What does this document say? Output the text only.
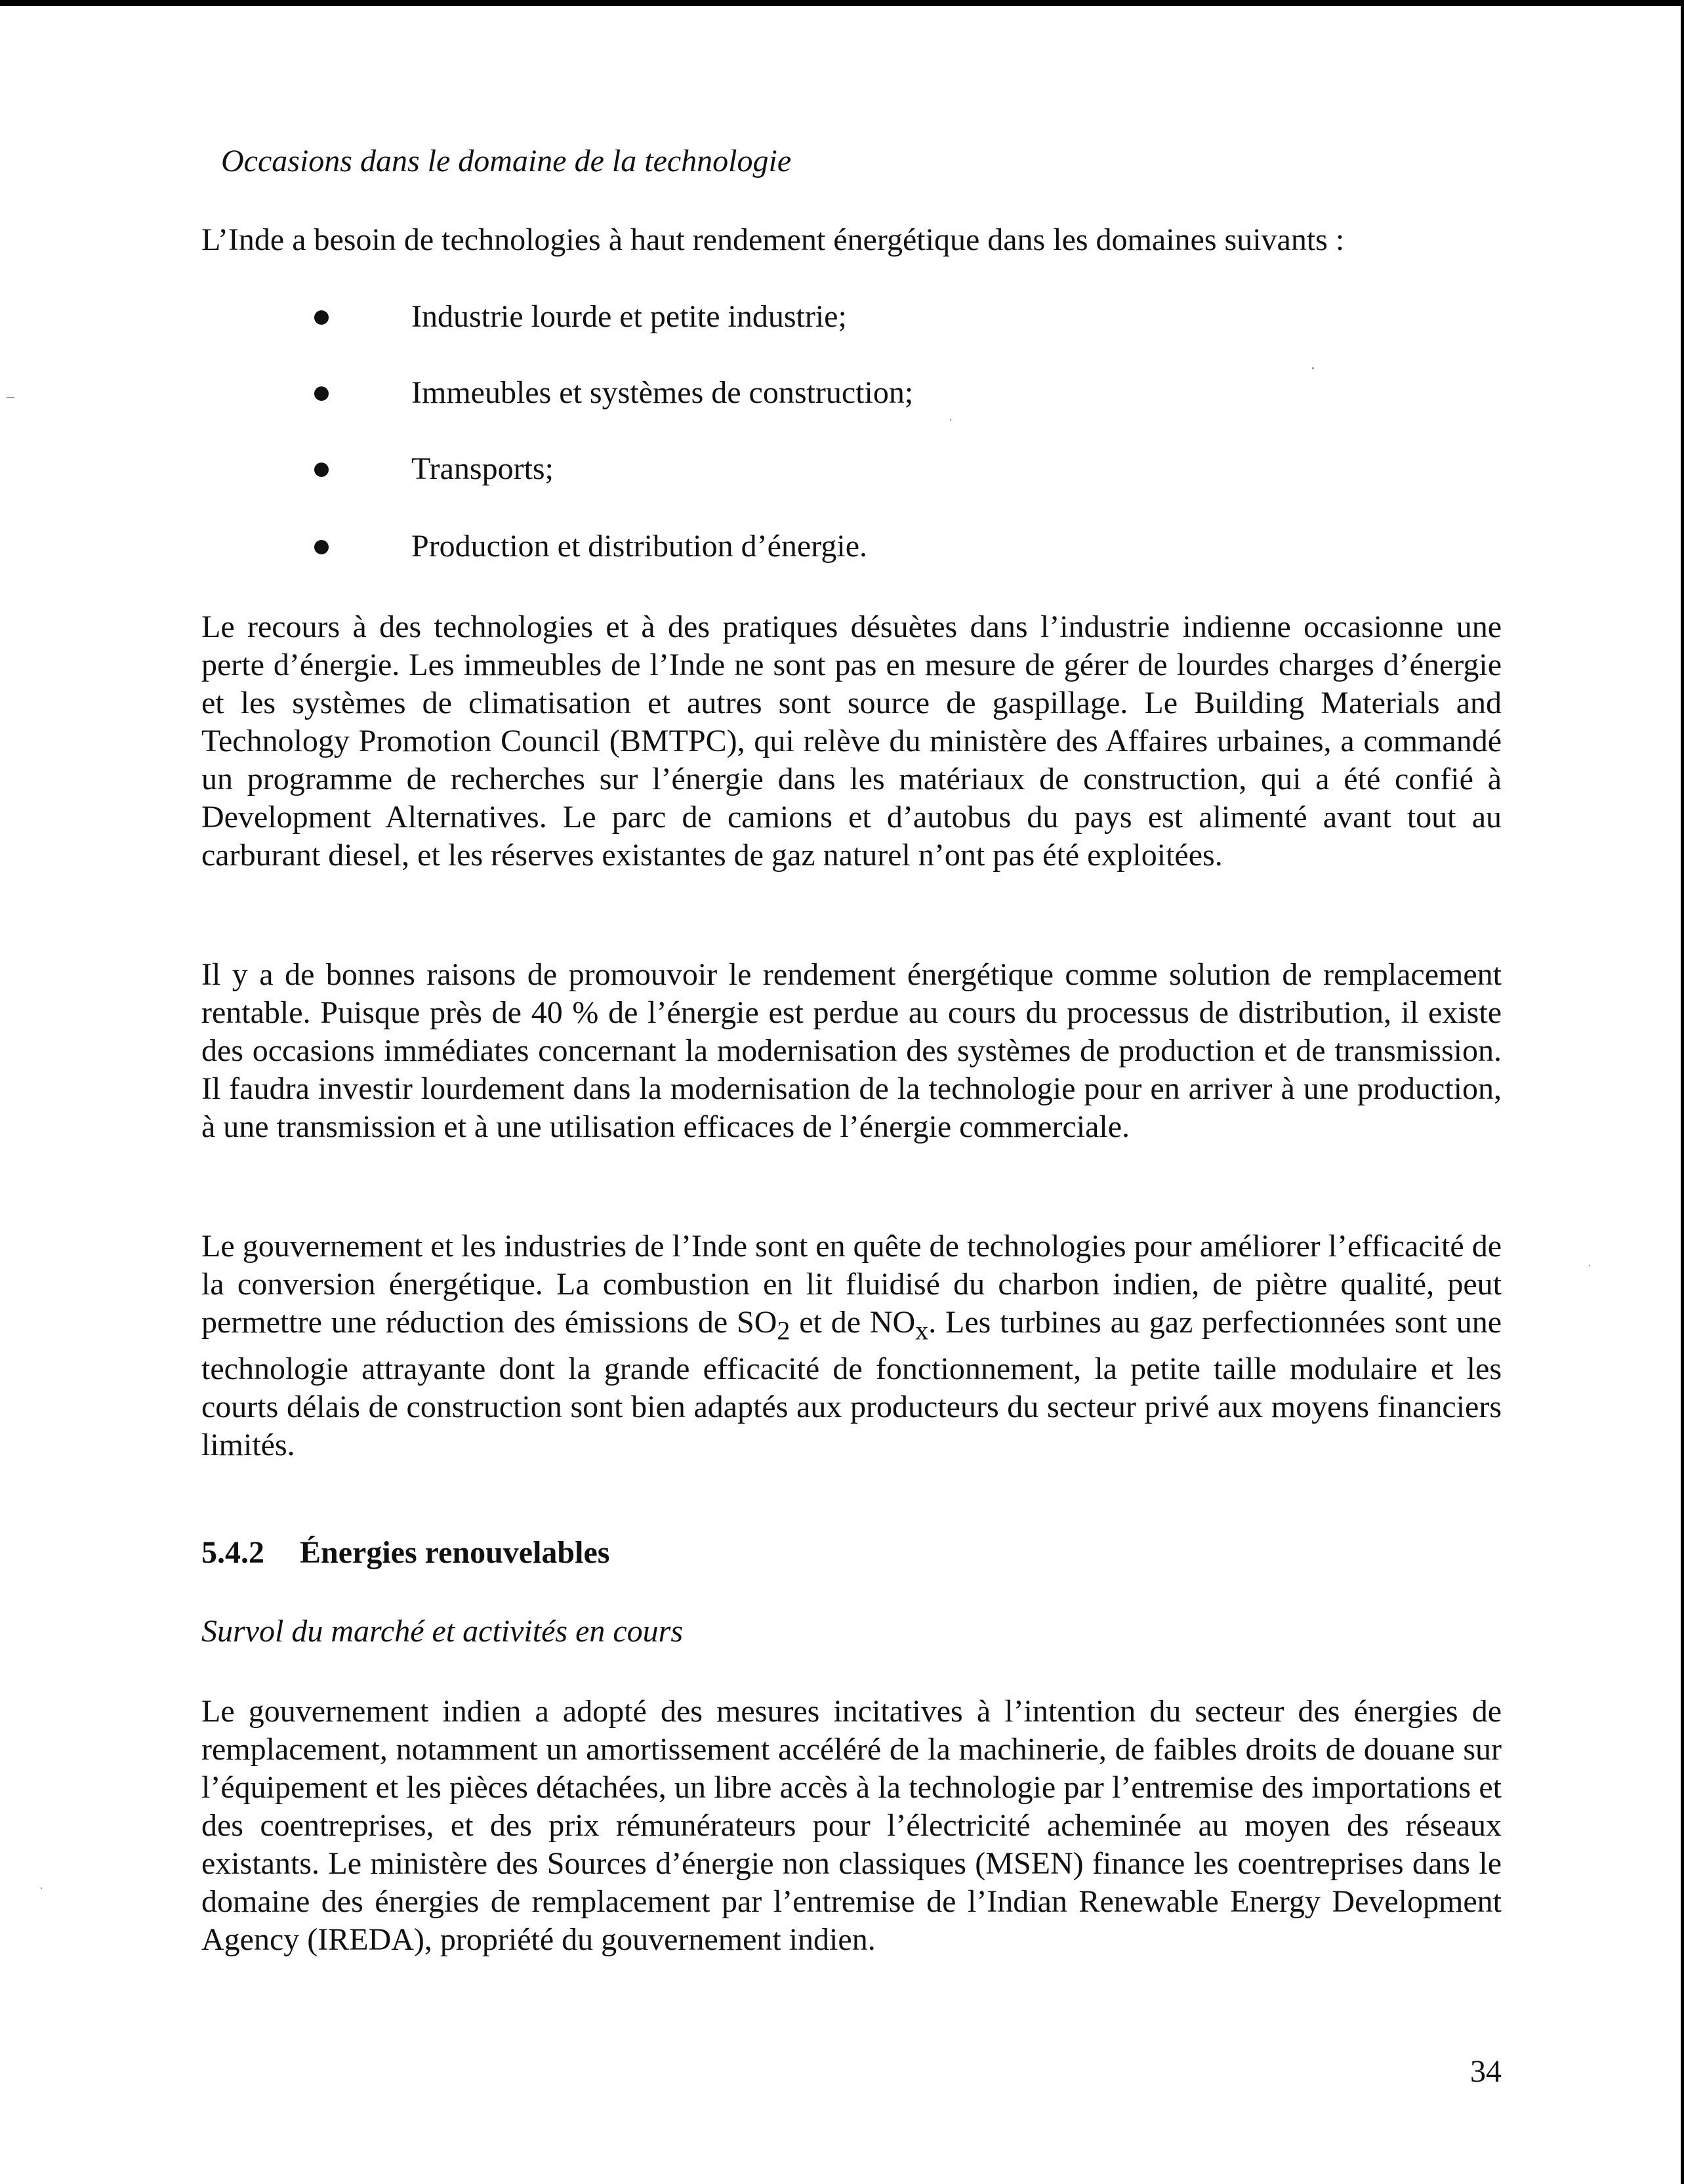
Occasions dans le domaine de la technologie

L’Inde a besoin de technologies à haut rendement énergétique dans les domaines suivants :

Industrie lourde et petite industrie;
Immeubles et systèmes de construction;
Transports;
Production et distribution d’énergie.

Le recours à des technologies et à des pratiques désuètes dans l’industrie indienne occasionne une perte d’énergie. Les immeubles de l’Inde ne sont pas en mesure de gérer de lourdes charges d’énergie et les systèmes de climatisation et autres sont source de gaspillage. Le Building Materials and Technology Promotion Council (BMTPC), qui relève du ministère des Affaires urbaines, a commandé un programme de recherches sur l’énergie dans les matériaux de construction, qui a été confié à Development Alternatives. Le parc de camions et d’autobus du pays est alimenté avant tout au carburant diesel, et les réserves existantes de gaz naturel n’ont pas été exploitées.

Il y a de bonnes raisons de promouvoir le rendement énergétique comme solution de remplacement rentable. Puisque près de 40 % de l’énergie est perdue au cours du processus de distribution, il existe des occasions immédiates concernant la modernisation des systèmes de production et de transmission. Il faudra investir lourdement dans la modernisation de la technologie pour en arriver à une production, à une transmission et à une utilisation efficaces de l’énergie commerciale.

Le gouvernement et les industries de l’Inde sont en quête de technologies pour améliorer l’efficacité de la conversion énergétique. La combustion en lit fluidisé du charbon indien, de piètre qualité, peut permettre une réduction des émissions de $SO_2$ et de $NO_x$. Les turbines au gaz perfectionnées sont une technologie attrayante dont la grande efficacité de fonctionnement, la petite taille modulaire et les courts délais de construction sont bien adaptés aux producteurs du secteur privé aux moyens financiers limités.

5.4.2 Énergies renouvelables

Survol du marché et activités en cours

Le gouvernement indien a adopté des mesures incitatives à l’intention du secteur des énergies de remplacement, notamment un amortissement accéléré de la machinerie, de faibles droits de douane sur l’équipement et les pièces détachées, un libre accès à la technologie par l’entremise des importations et des coentreprises, et des prix rémunérateurs pour l’électricité acheminée au moyen des réseaux existants. Le ministère des Sources d’énergie non classiques (MSEN) finance les coentreprises dans le domaine des énergies de remplacement par l’entremise de l’Indian Renewable Energy Development Agency (IREDA), propriété du gouvernement indien.

34
